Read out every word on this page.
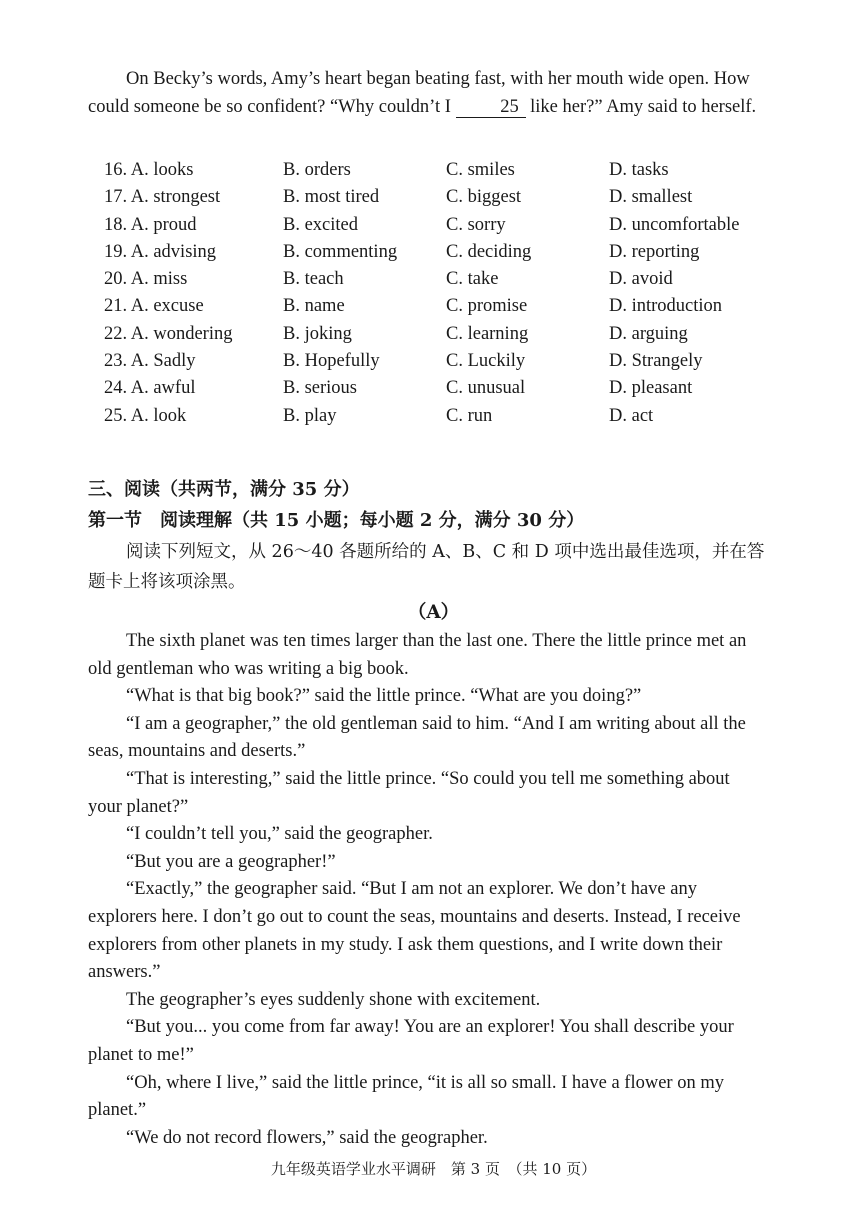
On Becky’s words, Amy’s heart began beating fast, with her mouth wide open. How could someone be so confident? “Why couldn’t I 25 like her?” Amy said to herself.

16. A. looks	B. orders	C. smiles	D. tasks
17. A. strongest	B. most tired	C. biggest	D. smallest
18. A. proud	B. excited	C. sorry	D. uncomfortable
19. A. advising	B. commenting	C. deciding	D. reporting
20. A. miss	B. teach	C. take	D. avoid
21. A. excuse	B. name	C. promise	D. introduction
22. A. wondering	B. joking	C. learning	D. arguing
23. A. Sadly	B. Hopefully	C. Luckily	D. Strangely
24. A. awful	B. serious	C. unusual	D. pleasant
25. A. look	B. play	C. run	D. act
三、阅读（共两节，满分 35 分）
第一节　阅读理解（共 15 小题；每小题 2 分，满分 30 分）

阅读下列短文，从 26～40 各题所给的 A、B、C 和 D 项中选出最佳选项，并在答题卡上将该项涂黑。

（A）

The sixth planet was ten times larger than the last one. There the little prince met an old gentleman who was writing a big book.

“What is that big book?” said the little prince. “What are you doing?”

“I am a geographer,” the old gentleman said to him. “And I am writing about all the seas, mountains and deserts.”

“That is interesting,” said the little prince. “So could you tell me something about your planet?”

“I couldn’t tell you,” said the geographer.

“But you are a geographer!”

“Exactly,” the geographer said. “But I am not an explorer. We don’t have any explorers here. I don’t go out to count the seas, mountains and deserts. Instead, I receive explorers from other planets in my study. I ask them questions, and I write down their answers.”

The geographer’s eyes suddenly shone with excitement.

“But you... you come from far away! You are an explorer! You shall describe your planet to me!”

“Oh, where I live,” said the little prince, “it is all so small. I have a flower on my planet.”

“We do not record flowers,” said the geographer.

九年级英语学业水平调研　第 3 页　（共 10 页）
